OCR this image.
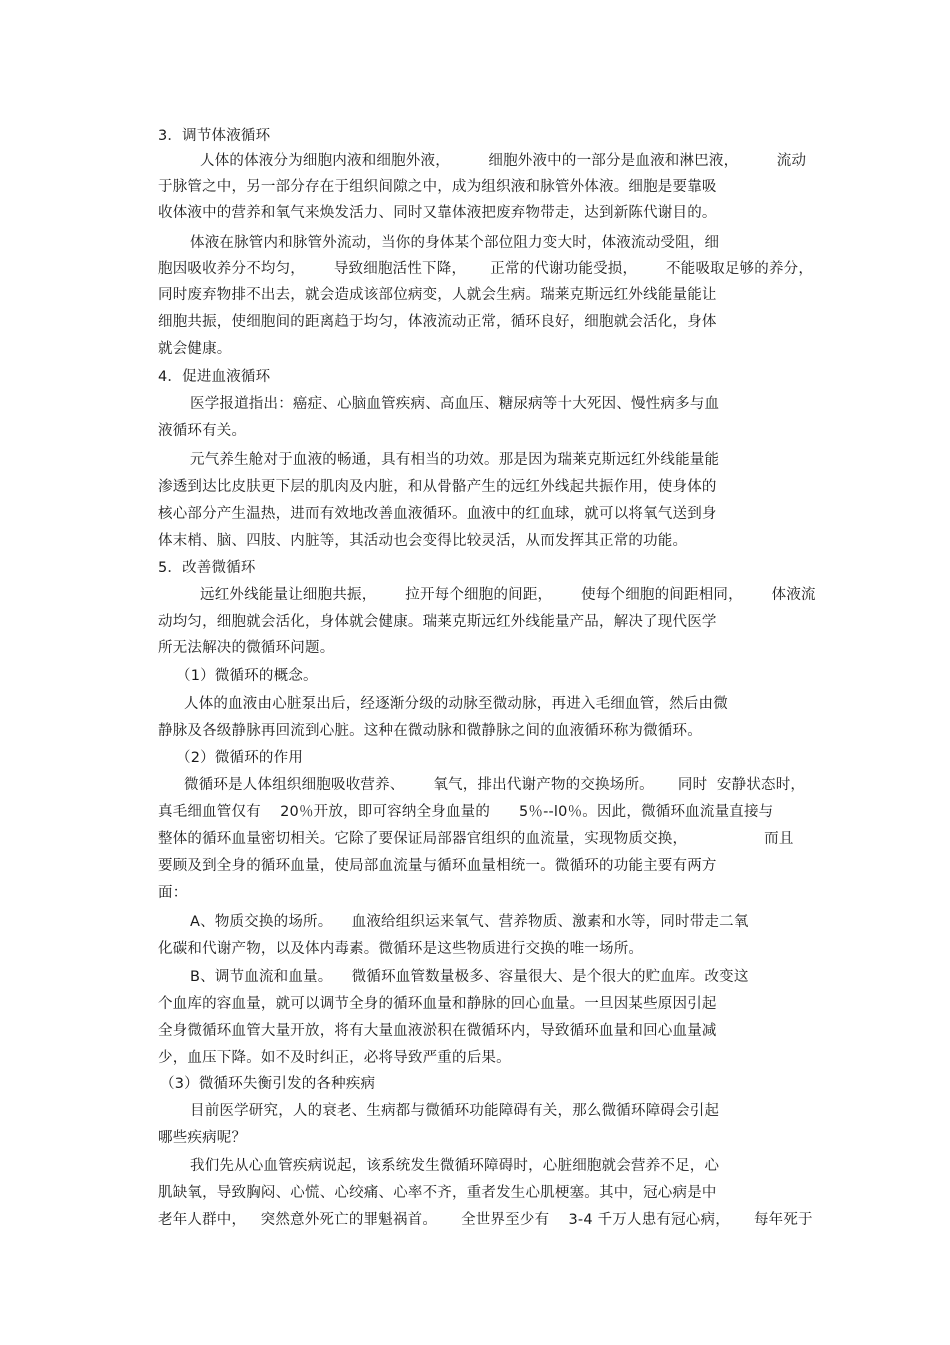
3．调节体液循环
人体的体液分为细胞内液和细胞外液，        细胞外液中的一部分是血液和淋巴液，        流动
于脉管之中，另一部分存在于组织间隙之中，成为组织液和脉管外体液。细胞是要靠吸
收体液中的营养和氧气来焕发活力、同时又靠体液把废弃物带走，达到新陈代谢目的。
体液在脉管内和脉管外流动，当你的身体某个部位阻力变大时，体液流动受阻，细
胞因吸收养分不均匀，      导致细胞活性下降，     正常的代谢功能受损，      不能吸取足够的养分，
同时废弃物排不出去，就会造成该部位病变，人就会生病。瑞莱克斯远红外线能量能让
细胞共振，使细胞间的距离趋于均匀，体液流动正常，循环良好，细胞就会活化，身体
就会健康。
4．促进血液循环
医学报道指出：癌症、心脑血管疾病、高血压、糖尿病等十大死因、慢性病多与血
液循环有关。
元气养生舱对于血液的畅通，具有相当的功效。那是因为瑞莱克斯远红外线能量能
渗透到达比皮肤更下层的肌肉及内脏，和从骨骼产生的远红外线起共振作用，使身体的
核心部分产生温热，进而有效地改善血液循环。血液中的红血球，就可以将氧气送到身
体末梢、脑、四肢、内脏等，其活动也会变得比较灵活，从而发挥其正常的功能。
5．改善微循环
远红外线能量让细胞共振，      拉开每个细胞的间距，      使每个细胞的间距相同，      体液流
动均匀，细胞就会活化，身体就会健康。瑞莱克斯远红外线能量产品，解决了现代医学
所无法解决的微循环问题。
（1）微循环的概念。
人体的血液由心脏泵出后，经逐渐分级的动脉至微动脉，再进入毛细血管，然后由微
静脉及各级静脉再回流到心脏。这种在微动脉和微静脉之间的血液循环称为微循环。
（2）微循环的作用
微循环是人体组织细胞吸收营养、      氧气，排出代谢产物的交换场所。     同时  安静状态时，
真毛细血管仅有    20％开放，即可容纳全身血量的      5％--l0％。因此，微循环血流量直接与
整体的循环血量密切相关。它除了要保证局部器官组织的血流量，实现物质交换，                而且
要顾及到全身的循环血量，使局部血流量与循环血量相统一。微循环的功能主要有两方
面：
A、物质交换的场所。    血液给组织运来氧气、营养物质、激素和水等，同时带走二氧
化碳和代谢产物，以及体内毒素。微循环是这些物质进行交换的唯一场所。
B、调节血流和血量。    微循环血管数量极多、容量很大、是个很大的贮血库。改变这
个血库的容血量，就可以调节全身的循环血量和静脉的回心血量。一旦因某些原因引起
全身微循环血管大量开放，将有大量血液淤积在微循环内，导致循环血量和回心血量减
少，血压下降。如不及时纠正，必将导致严重的后果。
（3）微循环失衡引发的各种疾病
目前医学研究，人的衰老、生病都与微循环功能障碍有关，那么微循环障碍会引起
哪些疾病呢？
我们先从心血管疾病说起，该系统发生微循环障碍时，心脏细胞就会营养不足，心
肌缺氧，导致胸闷、心慌、心绞痛、心率不齐，重者发生心肌梗塞。其中，冠心病是中
老年人群中，   突然意外死亡的罪魁祸首。     全世界至少有    3-4 千万人患有冠心病，     每年死于
